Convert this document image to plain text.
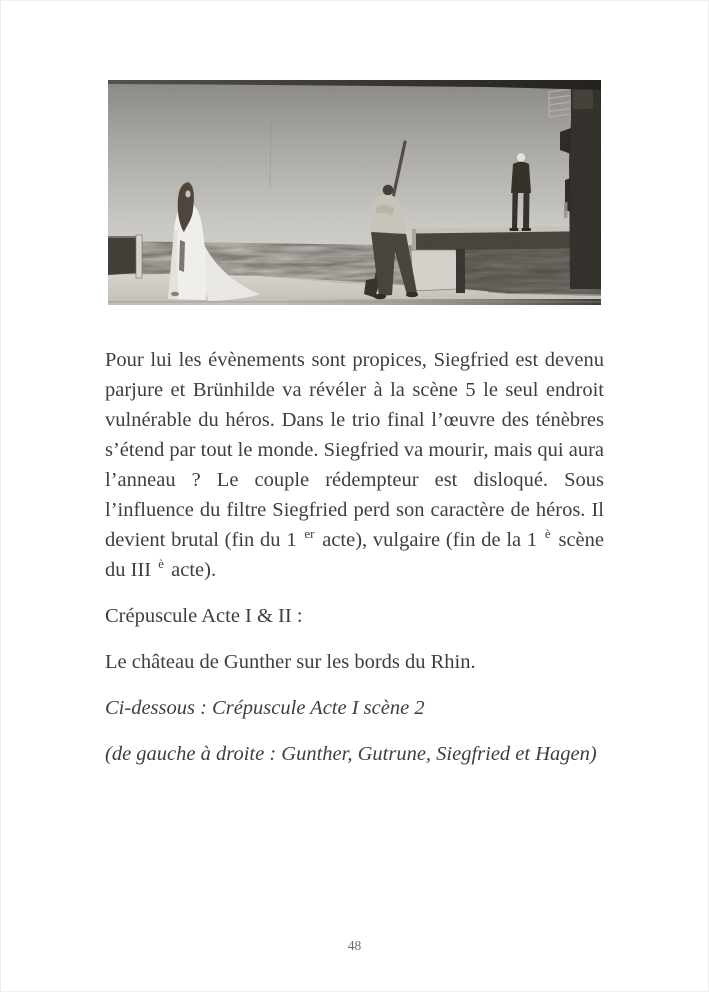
Pour lui les évènements sont propices, Siegfried est devenu parjure et Brünhilde va révéler à la scène 5 le seul endroit vulnérable du héros. Dans le trio final l’œuvre des ténèbres s’étend par tout le monde. Siegfried va mourir, mais qui aura l’anneau ? Le couple rédempteur est disloqué. Sous l’influence du filtre Siegfried perd son caractère de héros. Il devient brutal (fin du 1 $^{er}$ acte), vulgaire (fin de la 1 $^è$ scène du III $^è$ acte).

Crépuscule Acte I & II :

Le château de Gunther sur les bords du Rhin.

Ci-dessous : Crépuscule Acte I scène 2

(de gauche à droite : Gunther, Gutrune, Siegfried et Hagen)

48
